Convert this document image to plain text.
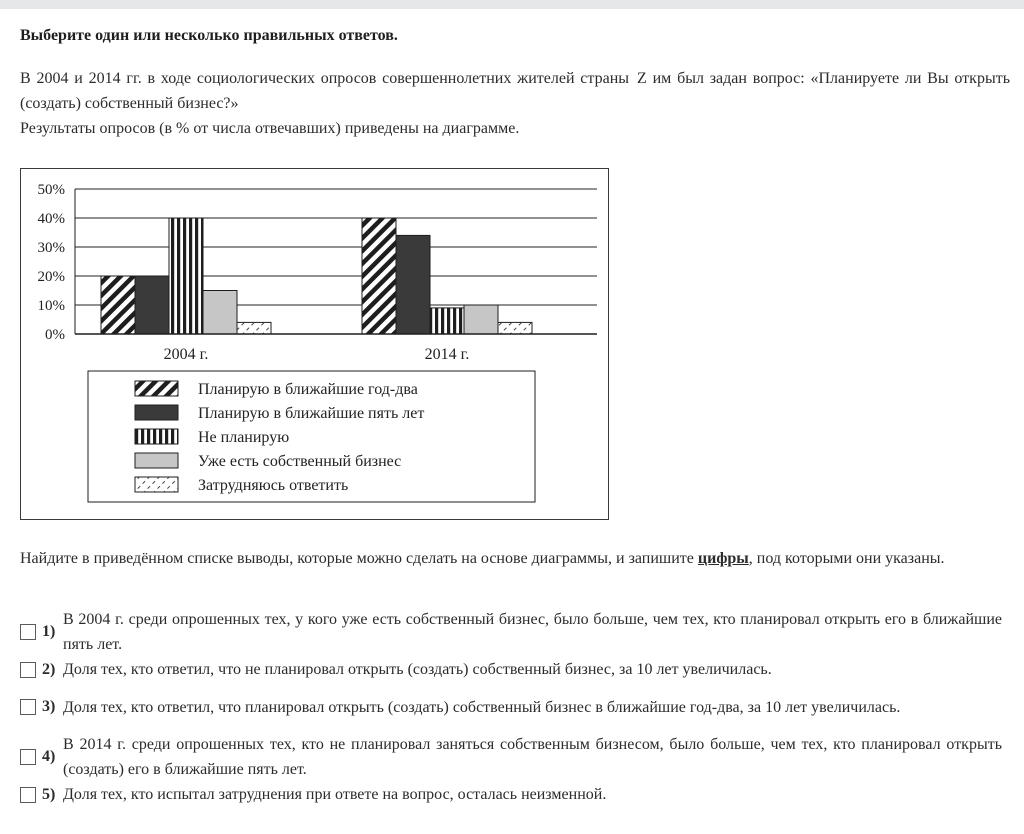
Выберите один или несколько правильных ответов.

В 2004 и 2014 гг. в ходе социологических опросов совершеннолетних жителей страны Z им был задан вопрос: «Планируете ли Вы открыть (создать) собственный бизнес?»

Результаты опросов (в % от числа отвечавших) приведены на диаграмме.

0%
10%
20%
30%
40%
50%
2004 г.	2014 г.
Планирую в ближайшие год-два
Планирую в ближайшие пять лет
Не планирую
Уже есть собственный бизнес
Затрудняюсь ответить
Найдите в приведённом списке выводы, которые можно сделать на основе диаграммы, и запишите цифры, под которыми они указаны.
1)
В 2004 г. среди опрошенных тех, у кого уже есть собственный бизнес, было больше, чем тех, кто планировал открыть его в ближайшие пять лет.
2) Доля тех, кто ответил, что не планировал открыть (создать) собственный бизнес, за 10 лет увеличилась.
3) Доля тех, кто ответил, что планировал открыть (создать) собственный бизнес в ближайшие год-два, за 10 лет увеличилась.
4)
В 2014 г. среди опрошенных тех, кто не планировал заняться собственным бизнесом, было больше, чем тех, кто планировал открыть (создать) его в ближайшие пять лет.
5) Доля тех, кто испытал затруднения при ответе на вопрос, осталась неизменной.
